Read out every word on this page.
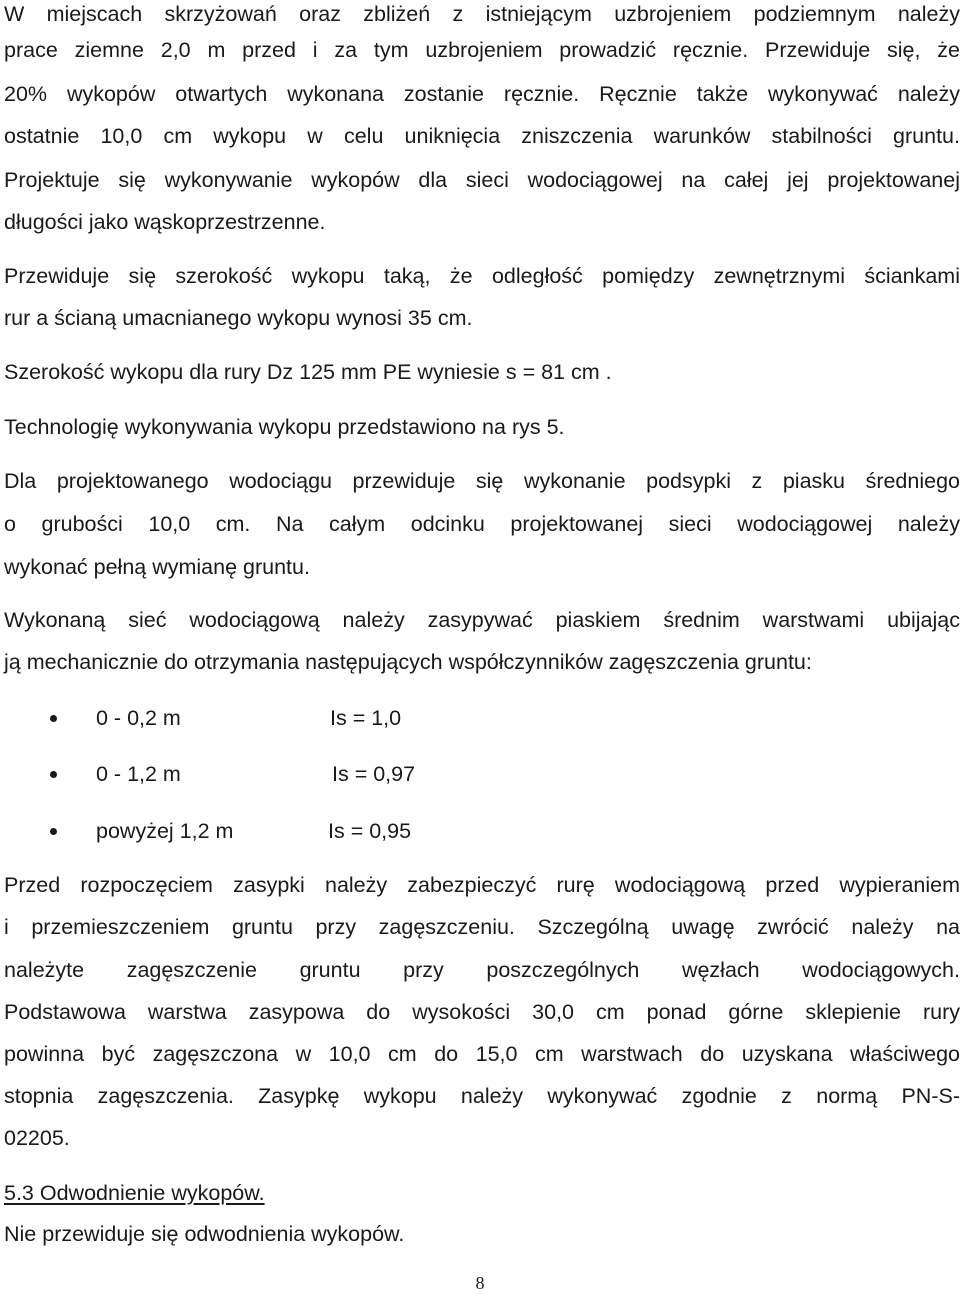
W miejscach skrzyżowań oraz zbliżeń z istniejącym uzbrojeniem podziemnym należy
prace ziemne 2,0 m przed i za tym uzbrojeniem prowadzić ręcznie. Przewiduje się, że
20% wykopów otwartych wykonana zostanie ręcznie. Ręcznie także wykonywać należy
ostatnie 10,0 cm wykopu w celu uniknięcia zniszczenia warunków stabilności gruntu.
Projektuje się wykonywanie wykopów dla sieci wodociągowej na całej jej projektowanej
długości jako wąskoprzestrzenne.
Przewiduje się szerokość wykopu taką, że odległość pomiędzy zewnętrznymi ściankami
rur a ścianą umacnianego wykopu wynosi 35 cm.
Szerokość wykopu dla rury Dz 125 mm PE wyniesie s = 81 cm .
Technologię wykonywania wykopu przedstawiono na rys 5.
Dla projektowanego wodociągu przewiduje się wykonanie podsypki z piasku średniego
o grubości 10,0 cm. Na całym odcinku projektowanej sieci wodociągowej należy
wykonać pełną wymianę gruntu.
Wykonaną sieć wodociągową należy zasypywać piaskiem średnim warstwami ubijając
ją mechanicznie do otrzymania następujących współczynników zagęszczenia gruntu:
0 - 0,2 m	Is = 1,0
0 - 1,2 m	Is = 0,97
powyżej 1,2 m	Is = 0,95
Przed rozpoczęciem zasypki należy zabezpieczyć rurę wodociągową przed wypieraniem
i przemieszczeniem gruntu przy zagęszczeniu. Szczególną uwagę zwrócić należy na
należyte zagęszczenie gruntu przy poszczególnych węzłach wodociągowych.
Podstawowa warstwa zasypowa do wysokości 30,0 cm ponad górne sklepienie rury
powinna być zagęszczona w 10,0 cm do 15,0 cm warstwach do uzyskana właściwego
stopnia zagęszczenia. Zasypkę wykopu należy wykonywać zgodnie z normą PN-S-
02205.
5.3 Odwodnienie wykopów.
Nie przewiduje się odwodnienia wykopów.
8
